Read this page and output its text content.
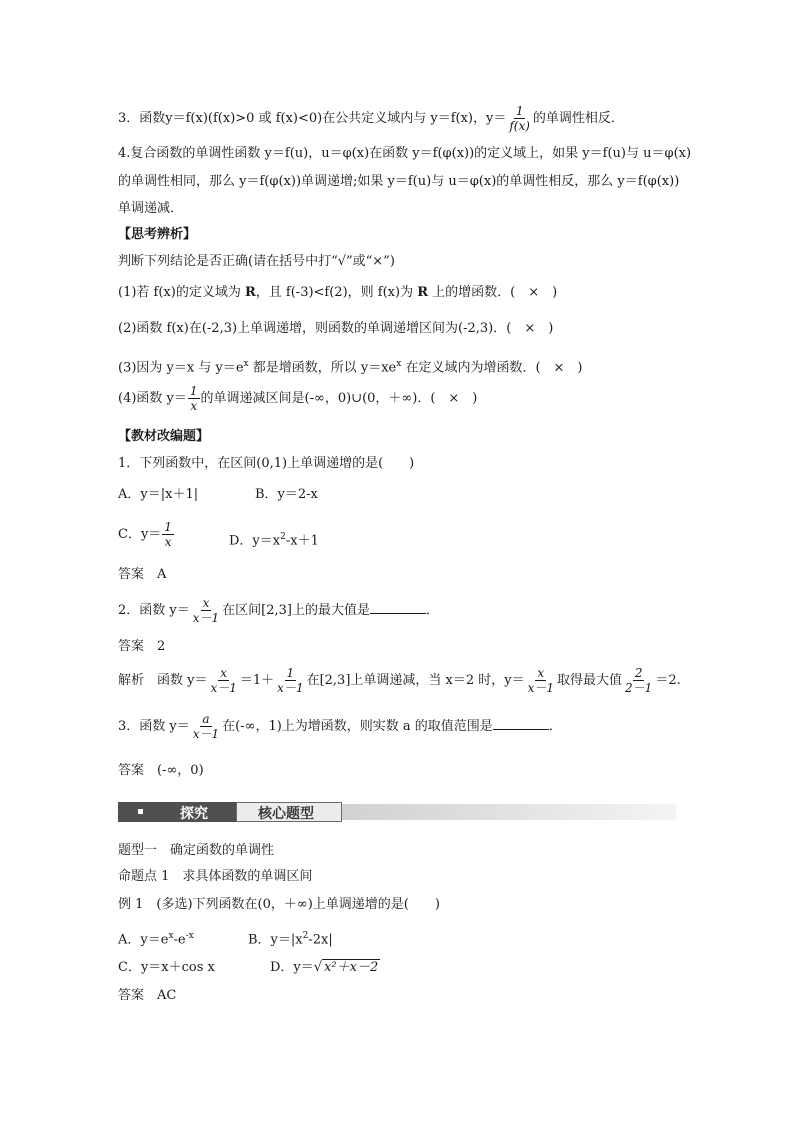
3．函数y＝f(x)(f(x)>0 或 f(x)<0)在公共定义域内与 y＝f(x)，$y= \frac{1}{f(x)}$ 的单调性相反．
4.复合函数的单调性函数 y＝f(u)，u＝φ(x)在函数 y＝f(φ(x))的定义域上，如果 y＝f(u)与 u＝φ(x)
的单调性相同，那么 y＝f(φ(x))单调递增;如果 y＝f(u)与 u＝φ(x)的单调性相反，那么 y＝f(φ(x))
单调递减．
【思考辨析】
判断下列结论是否正确(请在括号中打“√”或“×”)
(1)若 f(x)的定义域为 R，且 f(-3)<f(2)，则 f(x)为 R 上的增函数．(　×　)
(2)函数 f(x)在(-2,3)上单调递增，则函数的单调递增区间为(-2,3)．(　×　)
(3)因为 y＝x 与 $y=e^x$ 都是增函数，所以 $y=xe^x$ 在定义域内为增函数．(　×　)
(4)函数 $y= \frac{1}{x}$ 的单调递减区间是(-∞，0)∪(0，＋∞)．(　×　)
【教材改编题】
1．下列函数中，在区间(0,1)上单调递增的是(　　)
A．y＝|x＋1|	B．y＝2-x
C．$y= \frac{1}{x}$	D．$y=x^2-x+1$
答案　A
2．函数 $y= \frac{x}{x-1}$ 在区间[2,3]上的最大值是	．
答案　2
解析　函数 $y= \frac{x}{x-1} =1+ \frac{1}{x-1}$ 在[2,3]上单调递减，当 x＝2 时，$y= \frac{x}{x-1}$ 取得最大值 $\frac{2}{2-1} =2$.
3．函数 $y= \frac{a}{x-1}$ 在(-∞，1)上为增函数，则实数 a 的取值范围是	．
答案　(-∞，0)
探究	核心题型
题型一　确定函数的单调性
命题点 1　求具体函数的单调区间
例 1　(多选)下列函数在(0，＋∞)上单调递增的是(　　)
A．$y=e^x-e^{-x}$	B．$y=|x^2-2x|$
C．y＝x＋cos x	D．y＝√ x²＋x－2
答案　AC
